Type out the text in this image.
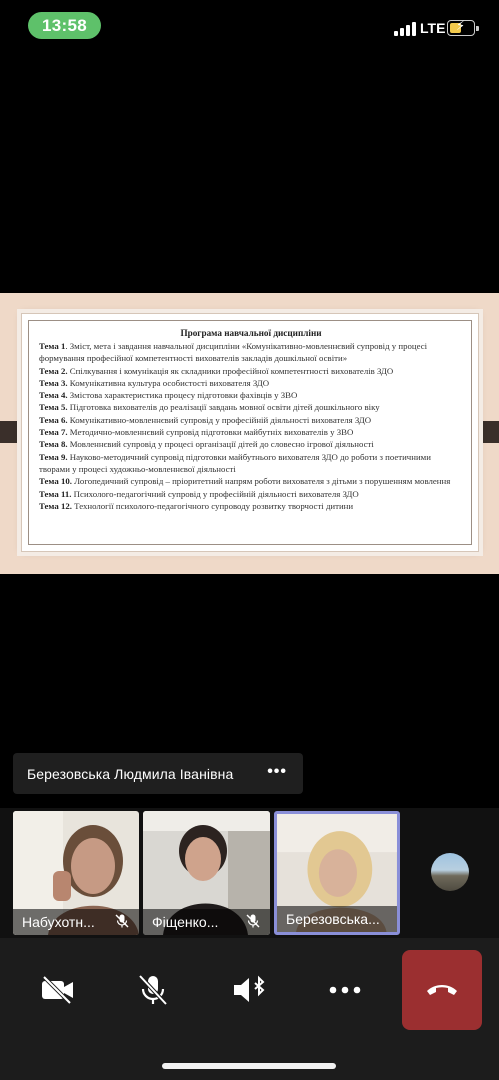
13:58	LTE ⚡
Програма навчальної дисципліни
Тема 1. Зміст, мета і завдання навчальної дисципліни «Комунікативно-мовленнєвий супровід у процесі формування професійної компетентності вихователів закладів дошкільної освіти»
Тема 2. Спілкування і комунікація як складники професійної компетентності вихователів ЗДО
Тема 3. Комунікативна культура особистості вихователя ЗДО
Тема 4. Змістова характеристика процесу підготовки фахівців у ЗВО
Тема 5. Підготовка вихователів до реалізації завдань мовної освіти дітей дошкільного віку
Тема 6. Комунікативно-мовленнєвий супровід у професійній діяльності вихователя ЗДО
Тема 7. Методично-мовленнєвий супровід підготовки майбутніх вихователів у ЗВО
Тема 8. Мовленнєвий супровід у процесі організації дітей до словесно ігрової діяльності
Тема 9. Науково-методичний супровід підготовки майбутнього вихователя ЗДО до роботи з поетичними творами у процесі художньо-мовленнєвої діяльності
Тема 10. Логопедичний супровід – пріоритетний напрям роботи вихователя з дітьми з порушенням мовлення
Тема 11. Психолого-педагогічний супровід у професійній діяльності вихователя ЗДО
Тема 12. Технології психолого-педагогічного супроводу розвитку творчості дитини
Березовська Людмила Іванівна •••
Набухотн...	Фіщенко...	Березовська...
